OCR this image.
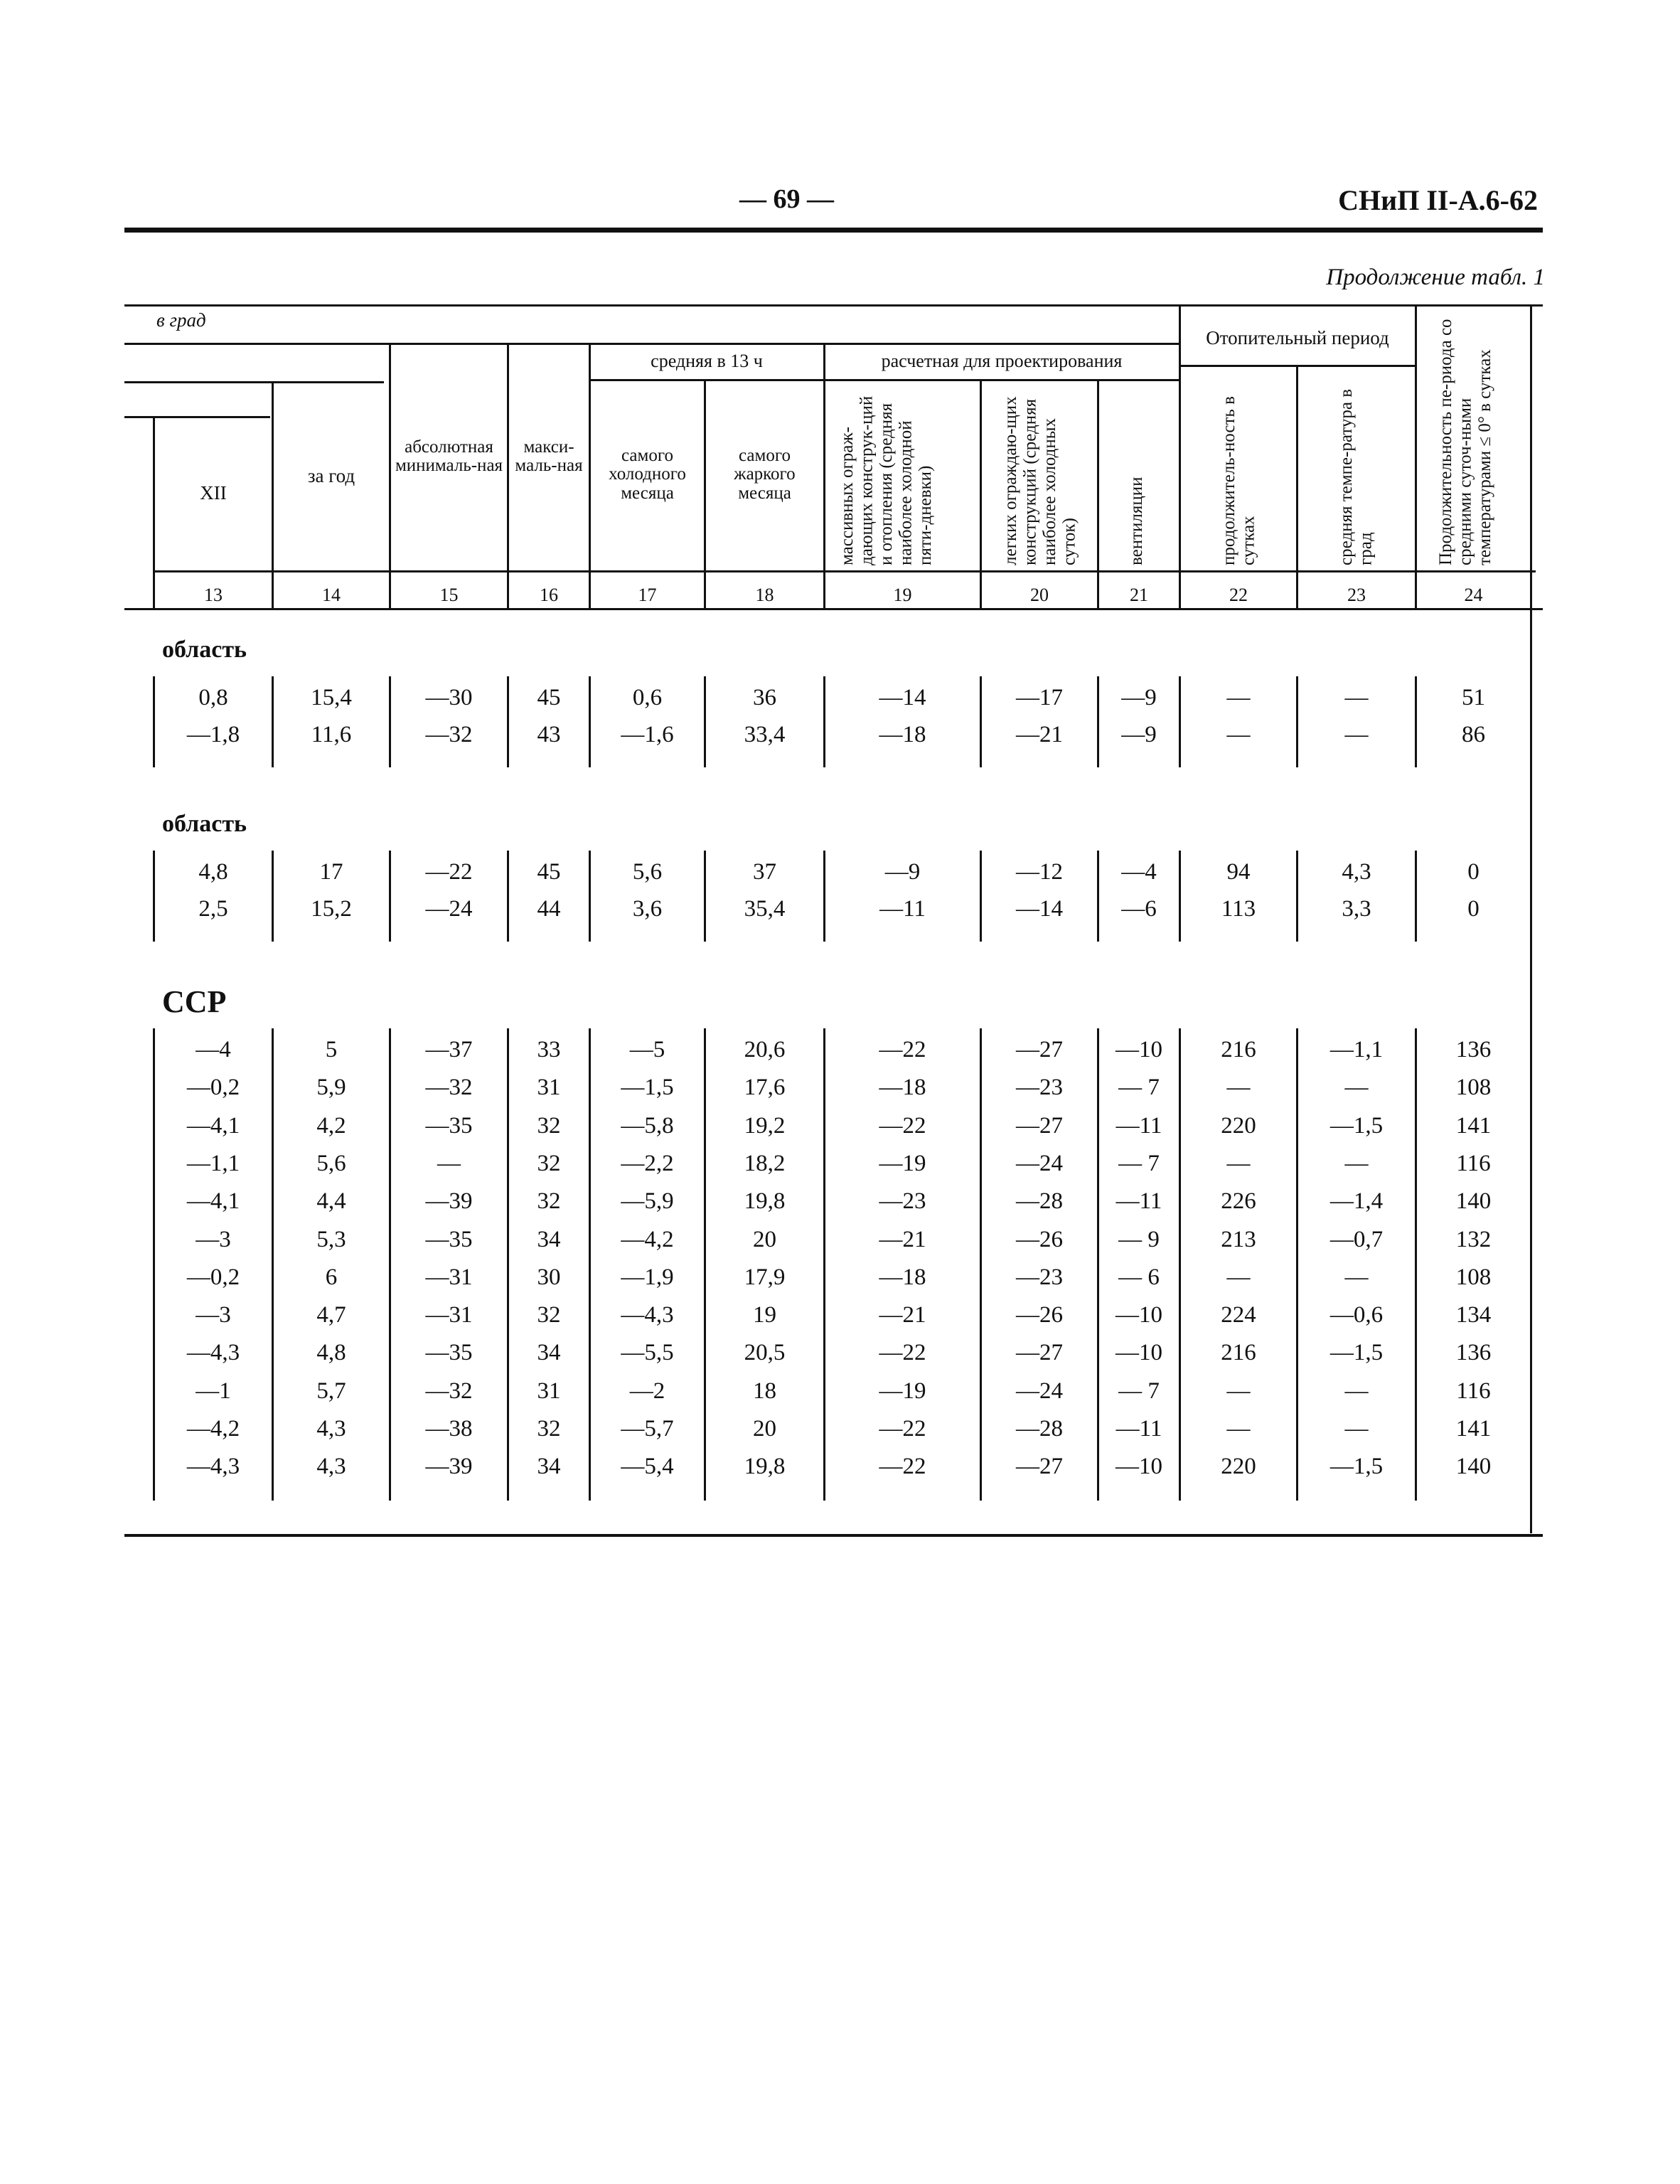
— 69 —	СНиП II-А.6-62
Продолжение табл. 1
в град
средняя в 13 ч	расчетная для проектирования
Отопительный период
XII
за год
абсолютная минималь-ная
макси-маль-ная
самого холодного месяца
самого жаркого месяца	массивных ограж-дающих конструк-ций и отопления (средняя наиболее холодной пяти-дневки)	легких ограждаю-щих конструкций (средняя наиболее холодных суток)	вентиляции	продолжитель-ность в сутках	средняя темпе-ратура в град	Продолжительность пе-риода со средними суточ-ными температурами ≤ 0° в сутках
13	14	15	16	17	18	19	20	21	22	23	24
область
0,8	15,4	—30	45	0,6	36	—14	—17	—9	—	—	51
—1,8	11,6	—32	43	—1,6	33,4	—18	—21	—9	—	—	86
область
4,8	17	—22	45	5,6	37	—9	—12	—4	94	4,3	0
2,5	15,2	—24	44	3,6	35,4	—11	—14	—6	113	3,3	0
ССР
—4	5	—37	33	—5	20,6	—22	—27	—10	216	—1,1	136
—0,2	5,9	—32	31	—1,5	17,6	—18	—23	— 7	—	—	108
—4,1	4,2	—35	32	—5,8	19,2	—22	—27	—11	220	—1,5	141
—1,1	5,6	—	32	—2,2	18,2	—19	—24	— 7	—	—	116
—4,1	4,4	—39	32	—5,9	19,8	—23	—28	—11	226	—1,4	140
—3	5,3	—35	34	—4,2	20	—21	—26	— 9	213	—0,7	132
—0,2	6	—31	30	—1,9	17,9	—18	—23	— 6	—	—	108
—3	4,7	—31	32	—4,3	19	—21	—26	—10	224	—0,6	134
—4,3	4,8	—35	34	—5,5	20,5	—22	—27	—10	216	—1,5	136
—1	5,7	—32	31	—2	18	—19	—24	— 7	—	—	116
—4,2	4,3	—38	32	—5,7	20	—22	—28	—11	—	—	141
—4,3	4,3	—39	34	—5,4	19,8	—22	—27	—10	220	—1,5	140
